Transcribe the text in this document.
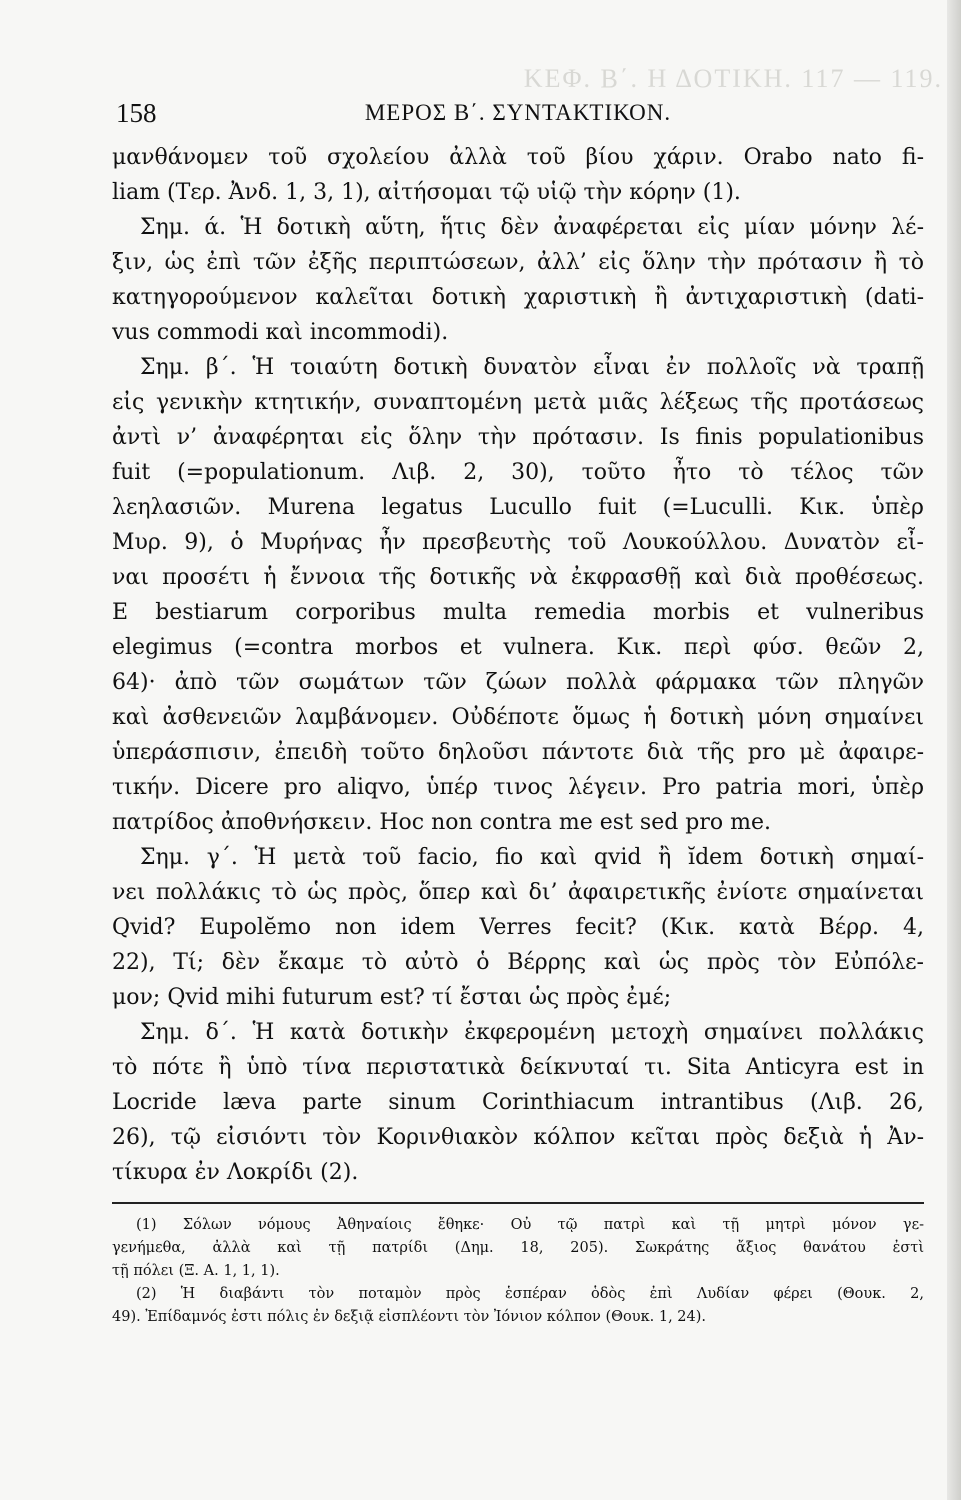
ΚΕΦ. Β΄. Η ΔΟΤΙΚΗ. 117 — 119.
158	ΜΕΡΟΣ Β΄. ΣΥΝΤΑΚΤΙΚΟΝ.
μανθάνομεν τοῦ σχολείου ἀλλὰ τοῦ βίου χάριν. Orabo nato fi-
liam (Τερ. Ἀνδ. 1, 3, 1), αἰτήσομαι τῷ υἱῷ τὴν κόρην (1).
Σημ. ά. Ἡ δοτικὴ αὕτη, ἥτις δὲν ἀναφέρεται εἰς μίαν μόνην λέ-
ξιν, ὡς ἐπὶ τῶν ἐξῆς περιπτώσεων, ἀλλ’ εἰς ὅλην τὴν πρότασιν ἢ τὸ
κατηγορούμενον καλεῖται δοτικὴ χαριστικὴ ἢ ἀντιχαριστικὴ (dati-
vus commodi καὶ incommodi).
Σημ. β΄. Ἡ τοιαύτη δοτικὴ δυνατὸν εἶναι ἐν πολλοῖς νὰ τραπῇ
εἰς γενικὴν κτητικήν, συναπτομένη μετὰ μιᾶς λέξεως τῆς προτάσεως
ἀντὶ ν’ ἀναφέρηται εἰς ὅλην τὴν πρότασιν. Is finis populationibus
fuit (=populationum. Λιβ. 2, 30), τοῦτο ἦτο τὸ τέλος τῶν
λεηλασιῶν. Murena legatus Lucullo fuit (=Luculli. Κικ. ὑπὲρ
Μυρ. 9), ὁ Μυρήνας ἦν πρεσβευτὴς τοῦ Λουκούλλου. Δυνατὸν εἶ-
ναι προσέτι ἡ ἔννοια τῆς δοτικῆς νὰ ἐκφρασθῇ καὶ διὰ προθέσεως.
E bestiarum corporibus multa remedia morbis et vulneribus
elegimus (=contra morbos et vulnera. Κικ. περὶ φύσ. θεῶν 2,
64)· ἀπὸ τῶν σωμάτων τῶν ζώων πολλὰ φάρμακα τῶν πληγῶν
καὶ ἀσθενειῶν λαμβάνομεν. Οὐδέποτε ὅμως ἡ δοτικὴ μόνη σημαίνει
ὑπεράσπισιν, ἐπειδὴ τοῦτο δηλοῦσι πάντοτε διὰ τῆς pro μὲ ἀφαιρε-
τικήν. Dicere pro aliqvo, ὑπέρ τινος λέγειν. Pro patria mori, ὑπὲρ
πατρίδος ἀποθνήσκειν. Hoc non contra me est sed pro me.
Σημ. γ΄. Ἡ μετὰ τοῦ facio, fio καὶ qvid ἢ ĭdem δοτικὴ σημαί-
νει πολλάκις τὸ ὡς πρὸς, ὅπερ καὶ δι’ ἀφαιρετικῆς ἐνίοτε σημαίνεται
Qvid? Eupolĕmo non idem Verres fecit? (Κικ. κατὰ Βέρρ. 4,
22), Τί; δὲν ἔκαμε τὸ αὐτὸ ὁ Βέρρης καὶ ὡς πρὸς τὸν Εὐπόλε-
μον; Qvid mihi futurum est? τί ἔσται ὡς πρὸς ἐμέ;
Σημ. δ΄. Ἡ κατὰ δοτικὴν ἐκφερομένη μετοχὴ σημαίνει πολλάκις
τὸ πότε ἢ ὑπὸ τίνα περιστατικὰ δείκνυταί τι. Sita Anticyra est in
Locride læva parte sinum Corinthiacum intrantibus (Λιβ. 26,
26), τῷ εἰσιόντι τὸν Κορινθιακὸν κόλπον κεῖται πρὸς δεξιὰ ἡ Ἀν-
τίκυρα ἐν Λοκρίδι (2).
(1) Σόλων νόμους Ἀθηναίοις ἔθηκε· Οὐ τῷ πατρὶ καὶ τῇ μητρὶ μόνον γε-
γενήμεθα, ἀλλὰ καὶ τῇ πατρίδι (Δημ. 18, 205). Σωκράτης ἄξιος θανάτου ἐστὶ
τῇ πόλει (Ξ. Α. 1, 1, 1).
(2) Ἡ διαβάντι τὸν ποταμὸν πρὸς ἑσπέραν ὁδὸς ἐπὶ Λυδίαν φέρει (Θουκ. 2,
49). Ἐπίδαμνός ἐστι πόλις ἐν δεξιᾷ εἰσπλέοντι τὸν Ἰόνιον κόλπον (Θουκ. 1, 24).
